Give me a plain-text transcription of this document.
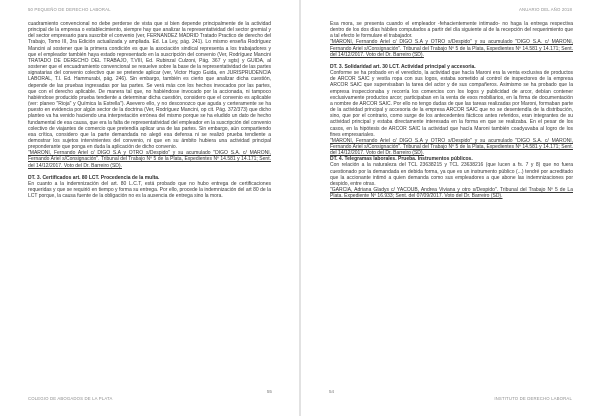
50 PEQUEÑO DE DERECHO LABORAL

cuadramiento convencional no debe perderse de vista que si bien depende principalmente de la actividad principal de la empresa o establecimiento, siempre hay que analizar la representatividad del sector gremial y del sector empresario para suscribir el convenio (ver, FERNANDEZ MADRID Tratado Practico de derecho del Trabajo, Tomo III, 3ra Edición actualizada y ampliada. Ed. La Ley, pág. 241). Lo mismo enseña Rodríguez Mancini al sostener que la primera condición es que la asociación sindical representa a los trabajadores y que el empleador también haya estado representado en la suscripción del convenio (Ver, Rodríguez Mancini TRATADO DE DERECHO DEL TRABAJO, T.VIII, Ed. Rubinzal Culzoni, Pág. 367 y sgts) y GUIDA, al sostener que el encuadramiento convencional se resuelve sobre la base de la representatividad de las partes signatarias del convenio colectivo que se pretende aplicar (ver, Victor Hugo Guida, en JURISPRUDENCIA LABORAL, T.I. Ed. Hammurabi, pág. 246). Sin embargo, también es cierto que analizar dicha cuestión, depende de las pruebas ingresadas por las partes. Se verá más con los hechos invocados por las partes, que con el derecho aplicable. De manera tal que, no habiéndose invocado por la accionada, ni tampoco habiéndose producido prueba tendiente a determinar dicha cuestión, considero que el convenio es aplicable (ver: planeo "Rioja" y Química la Estrella"). Asevero ello, y no desconozco que aguda y certeramente se ha puesto en evidencia por algún sector de la doctrina (Ver, Rodríguez Mancini, op cit. Pág. 372/373) que dicho planteo va ha venido haciendo una interpretación errónea del mismo porque se ha eludido un dato de hecho fundamental de esa causa, que era la falta de representatividad del empleador en la suscripción del convenio colectivo de viajantes de comercio que pretendía aplicar una de las partes. Sin embargo, aún compartiendo esa crítica, considero que la parte demandada no alegó esa defensa ni se realizó prueba tendiente a demostrar los sujetos intervinientes del convenio, ni que en su ámbito hubiera una actividad principal preponderante que ponga en duda la aplicación de dicho convenio.

"MARONI, Fernando Ariel c/ DIGO S.A y OTRO s/Despido" y su acumulado "DIGO S.A. c/ MARONI, Fernando Ariel s/Consignación". Tribunal del Trabajo Nº 5 de la Plata, Expedientes Nº 14.581 y 14.171; Sent. del 14/12/2017. Voto del Dr. Barreiro (SD).

DT. 3. Certificados art. 80 LCT. Procedencia de la multa.

En cuanto a la indemnización del art. 80 L.C.T, está probado que no hubo entrega de certificaciones requeridas y que se requirió en tiempo y forma su entrega. Por ello, procede la indemnización del art 80 de la LCT porque, la causa fuente de la obligación no es la ausencia de entrega sino la mora.

55
COLEGIO DE ABOGADOS DE LA PLATA
ANUARIO DEL AÑO 2018

Esa mora, se presenta cuando el empleador -fehacientemente intimado- no haga la entrega respectiva dentro de los dos días hábiles computados a partir del día siguiente al de la recepción del requerimiento que a tal efecto le formulare el trabajador.

"MARONI, Fernando Ariel c/ DIGO S.A y OTRO s/Despido" y su acumulado "DIGO S.A. c/ MARONI, Fernando Ariel s/Consignación". Tribunal del Trabajo Nº 5 de la Plata, Expedientes Nº 14.581 y 14.171; Sent. del 14/12/2017. Voto del Dr. Barreiro (SD).

DT. 3. Solidaridad art. 30 LCT. Actividad principal y accesoria.

Conforme se ha probado en el veredicto, la actividad que hacía Maroni era la venta exclusiva de productos de ARCOR SAIC y vestía ropa con sus logos, estaba sometido al control de inspectores de la empresa ARCOR SAIC que supervisaban la tarea del actor y de sus compañeros. Asimismo se ha probado que la empresa inspeccionaba y recorría los comercios con los logos y publicidad de arcor, debían contener exclusivamente productos arcor; participaban en la venta de esos mobiliarios, en la firma de documentación a nombre de ARCOR SAIC. Por ello no tengo dudas de que las tareas realizadas por Maroni, formaban parte de la actividad principal y accesoria de la empresa ARCOR SAIC que no se desentendía de la distribución, sino, que por el contrario, como surge de los antecedentes fácticos antes referidos, eran integrantes de su actividad principal y estaba directamente interesada en la forma en que se realizaba. En el pesar de los casos, en la hipótesis de ARCOR SAIC la actividad que hacía Maroni también coadyuvaba al logro de los fines empresariales.

"MARONI, Fernando Ariel c/ DIGO S.A y OTRO s/Despido" y su acumulado "DIGO S.A. c/ MARONI, Fernando Ariel s/Consignación". Tribunal del Trabajo Nº 5 de la Plata, Expedientes Nº 14.581 y 14.171; Sent. del 14/12/2017. Voto del Dr. Barreiro (SD).

DT. 4. Telegramas laborales. Prueba. Instrumentos públicos.

Con relación a la naturaleza del TCL 23638215 y TCL 23638216 (que lucen a fs. 7 y 8) que no fuera cuestionado por la demandada en debida forma, ya que es un instrumento público (...) tendré por acreditado que la accionante intimó a quien demanda como sus empleadores a que abone las indemnizaciones por despido, entre otras.

"GARCIA, Adriana Gladys c/ YACOUB, Andrea Viviana y otro s/Despido". Tribunal del Trabajo Nº 5 de La Plata. Expediente Nº 16.933; Sent. del 07/09/2017. Voto del Dr. Barreiro (SD).

54
INSTITUTO DE DERECHO LABORAL
